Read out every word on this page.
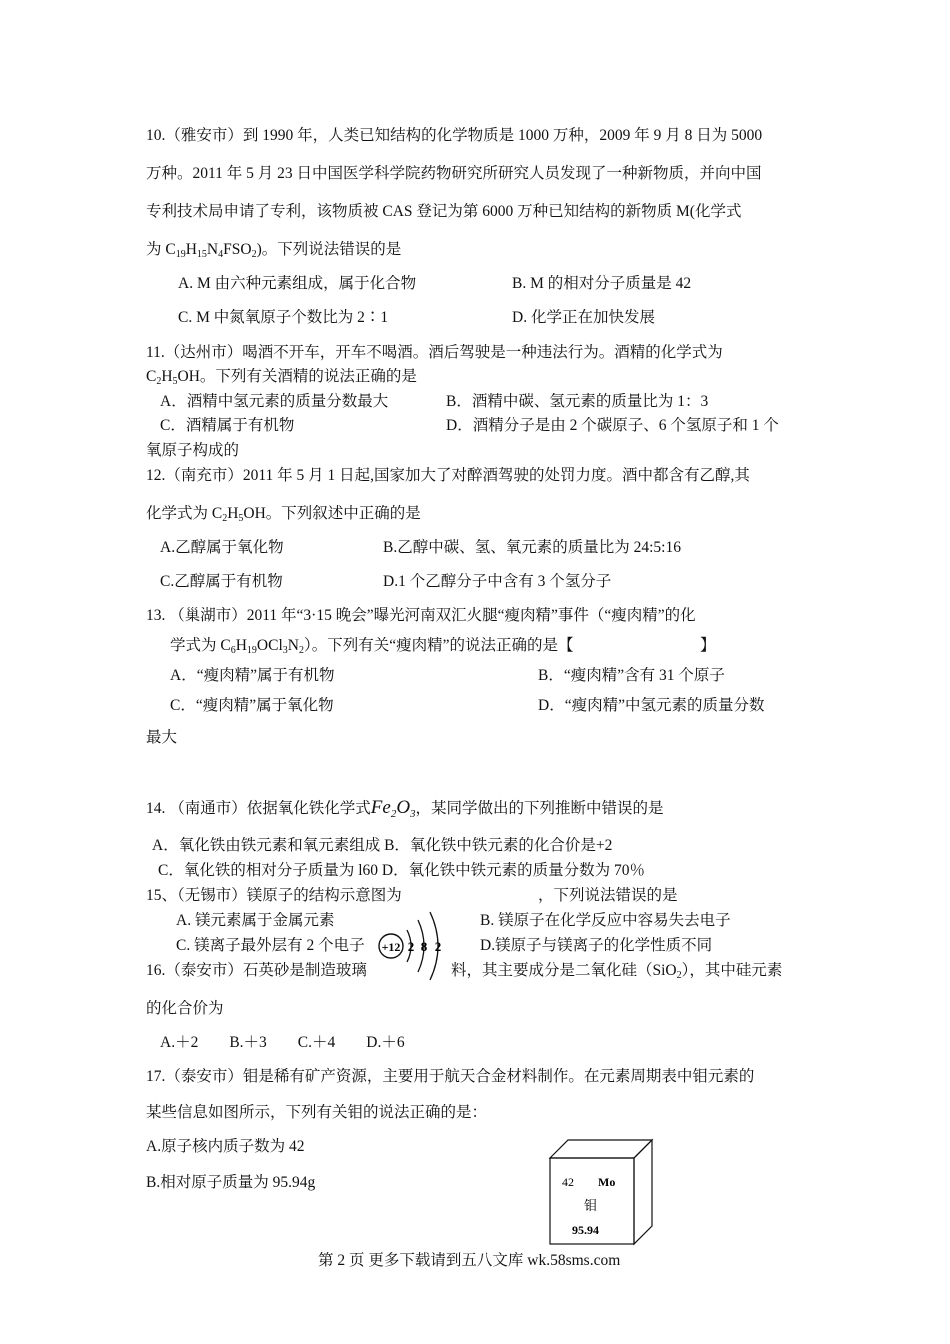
10.（雅安市）到 1990 年，人类已知结构的化学物质是 1000 万种，2009 年 9 月 8 日为 5000
万种。2011 年 5 月 23 日中国医学科学院药物研究所研究人员发现了一种新物质，并向中国
专利技术局申请了专利，该物质被 CAS 登记为第 6000 万种已知结构的新物质 M(化学式
为 $C_{19}H_{15}N_4FSO_2$)。下列说法错误的是
A. M 由六种元素组成，属于化合物	B. M 的相对分子质量是 42
C. M 中氮氧原子个数比为 2∶1	D. 化学正在加快发展
11.（达州市）喝酒不开车，开车不喝酒。酒后驾驶是一种违法行为。酒精的化学式为
$C_2H_5OH$。下列有关酒精的说法正确的是
A．酒精中氢元素的质量分数最大	B．酒精中碳、氢元素的质量比为 1：3
C．酒精属于有机物	D．酒精分子是由 2 个碳原子、6 个氢原子和 1 个
氧原子构成的
12.（南充市）2011 年 5 月 1 日起,国家加大了对醉酒驾驶的处罚力度。酒中都含有乙醇,其
化学式为 $C_2H_5OH$。下列叙述中正确的是
A.乙醇属于氧化物	B.乙醇中碳、氢、氧元素的质量比为 24:5:16
C.乙醇属于有机物	D.1 个乙醇分子中含有 3 个氢分子
13. （巢湖市）2011 年“3·15 晚会”曝光河南双汇火腿“瘦肉精”事件（“瘦肉精”的化
学式为 $C_6H_{19}OCl_3N_2$）。下列有关“瘦肉精”的说法正确的是【	】
A．“瘦肉精”属于有机物	B．“瘦肉精”含有 31 个原子
C．“瘦肉精”属于氧化物	D．“瘦肉精”中氢元素的质量分数
最大
14. （南通市）依据氧化铁化学式$Fe_2O_3$，某同学做出的下列推断中错误的是
A．氧化铁由铁元素和氧元素组成 B．氧化铁中铁元素的化合价是+2
C．氧化铁的相对分子质量为 l60 D．氧化铁中铁元素的质量分数为 70％
15、（无锡市）镁原子的结构示意图为	，下列说法错误的是
A. 镁元素属于金属元素	B. 镁原子在化学反应中容易失去电子
C. 镁离子最外层有 2 个电子	D.镁原子与镁离子的化学性质不同
+12 2 8 2
16.（泰安市）石英砂是制造玻璃	料，其主要成分是二氧化硅（SiO$_2$），其中硅元素
的化合价为
A.＋2　　B.＋3　　C.＋4　　D.＋6
17.（泰安市）钼是稀有矿产资源，主要用于航天合金材料制作。在元素周期表中钼元素的
某些信息如图所示，下列有关钼的说法正确的是：
A.原子核内质子数为 42
B.相对原子质量为 95.94g	42 Mo
钼
95.94
第 2 页 更多下载请到五八文库 wk.58sms.com
